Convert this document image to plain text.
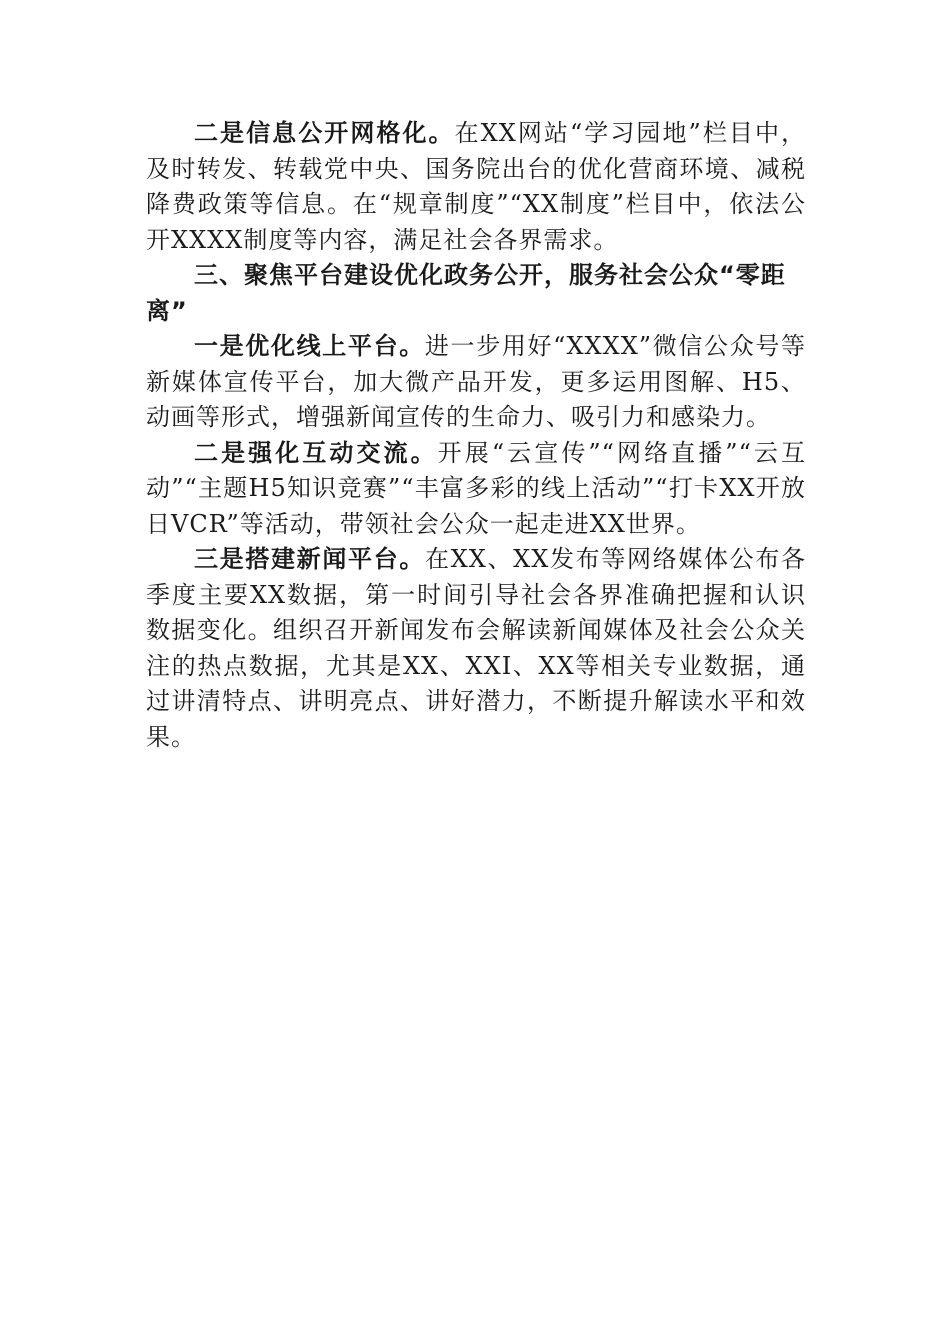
二是信息公开网格化。在XX网站“学习园地”栏目中，及时转发、转载党中央、国务院出台的优化营商环境、减税降费政策等信息。在“规章制度”“XX制度”栏目中，依法公开XXXX制度等内容，满足社会各界需求。

三、聚焦平台建设优化政务公开，服务社会公众“零距离”

一是优化线上平台。进一步用好“XXXX”微信公众号等新媒体宣传平台，加大微产品开发，更多运用图解、H5、动画等形式，增强新闻宣传的生命力、吸引力和感染力。

二是强化互动交流。开展“云宣传”“网络直播”“云互动”“主题H5知识竞赛”“丰富多彩的线上活动”“打卡XX开放日VCR”等活动，带领社会公众一起走进XX世界。

三是搭建新闻平台。在XX、XX发布等网络媒体公布各季度主要XX数据，第一时间引导社会各界准确把握和认识数据变化。组织召开新闻发布会解读新闻媒体及社会公众关注的热点数据，尤其是XX、XXI、XX等相关专业数据，通过讲清特点、讲明亮点、讲好潜力，不断提升解读水平和效果。
